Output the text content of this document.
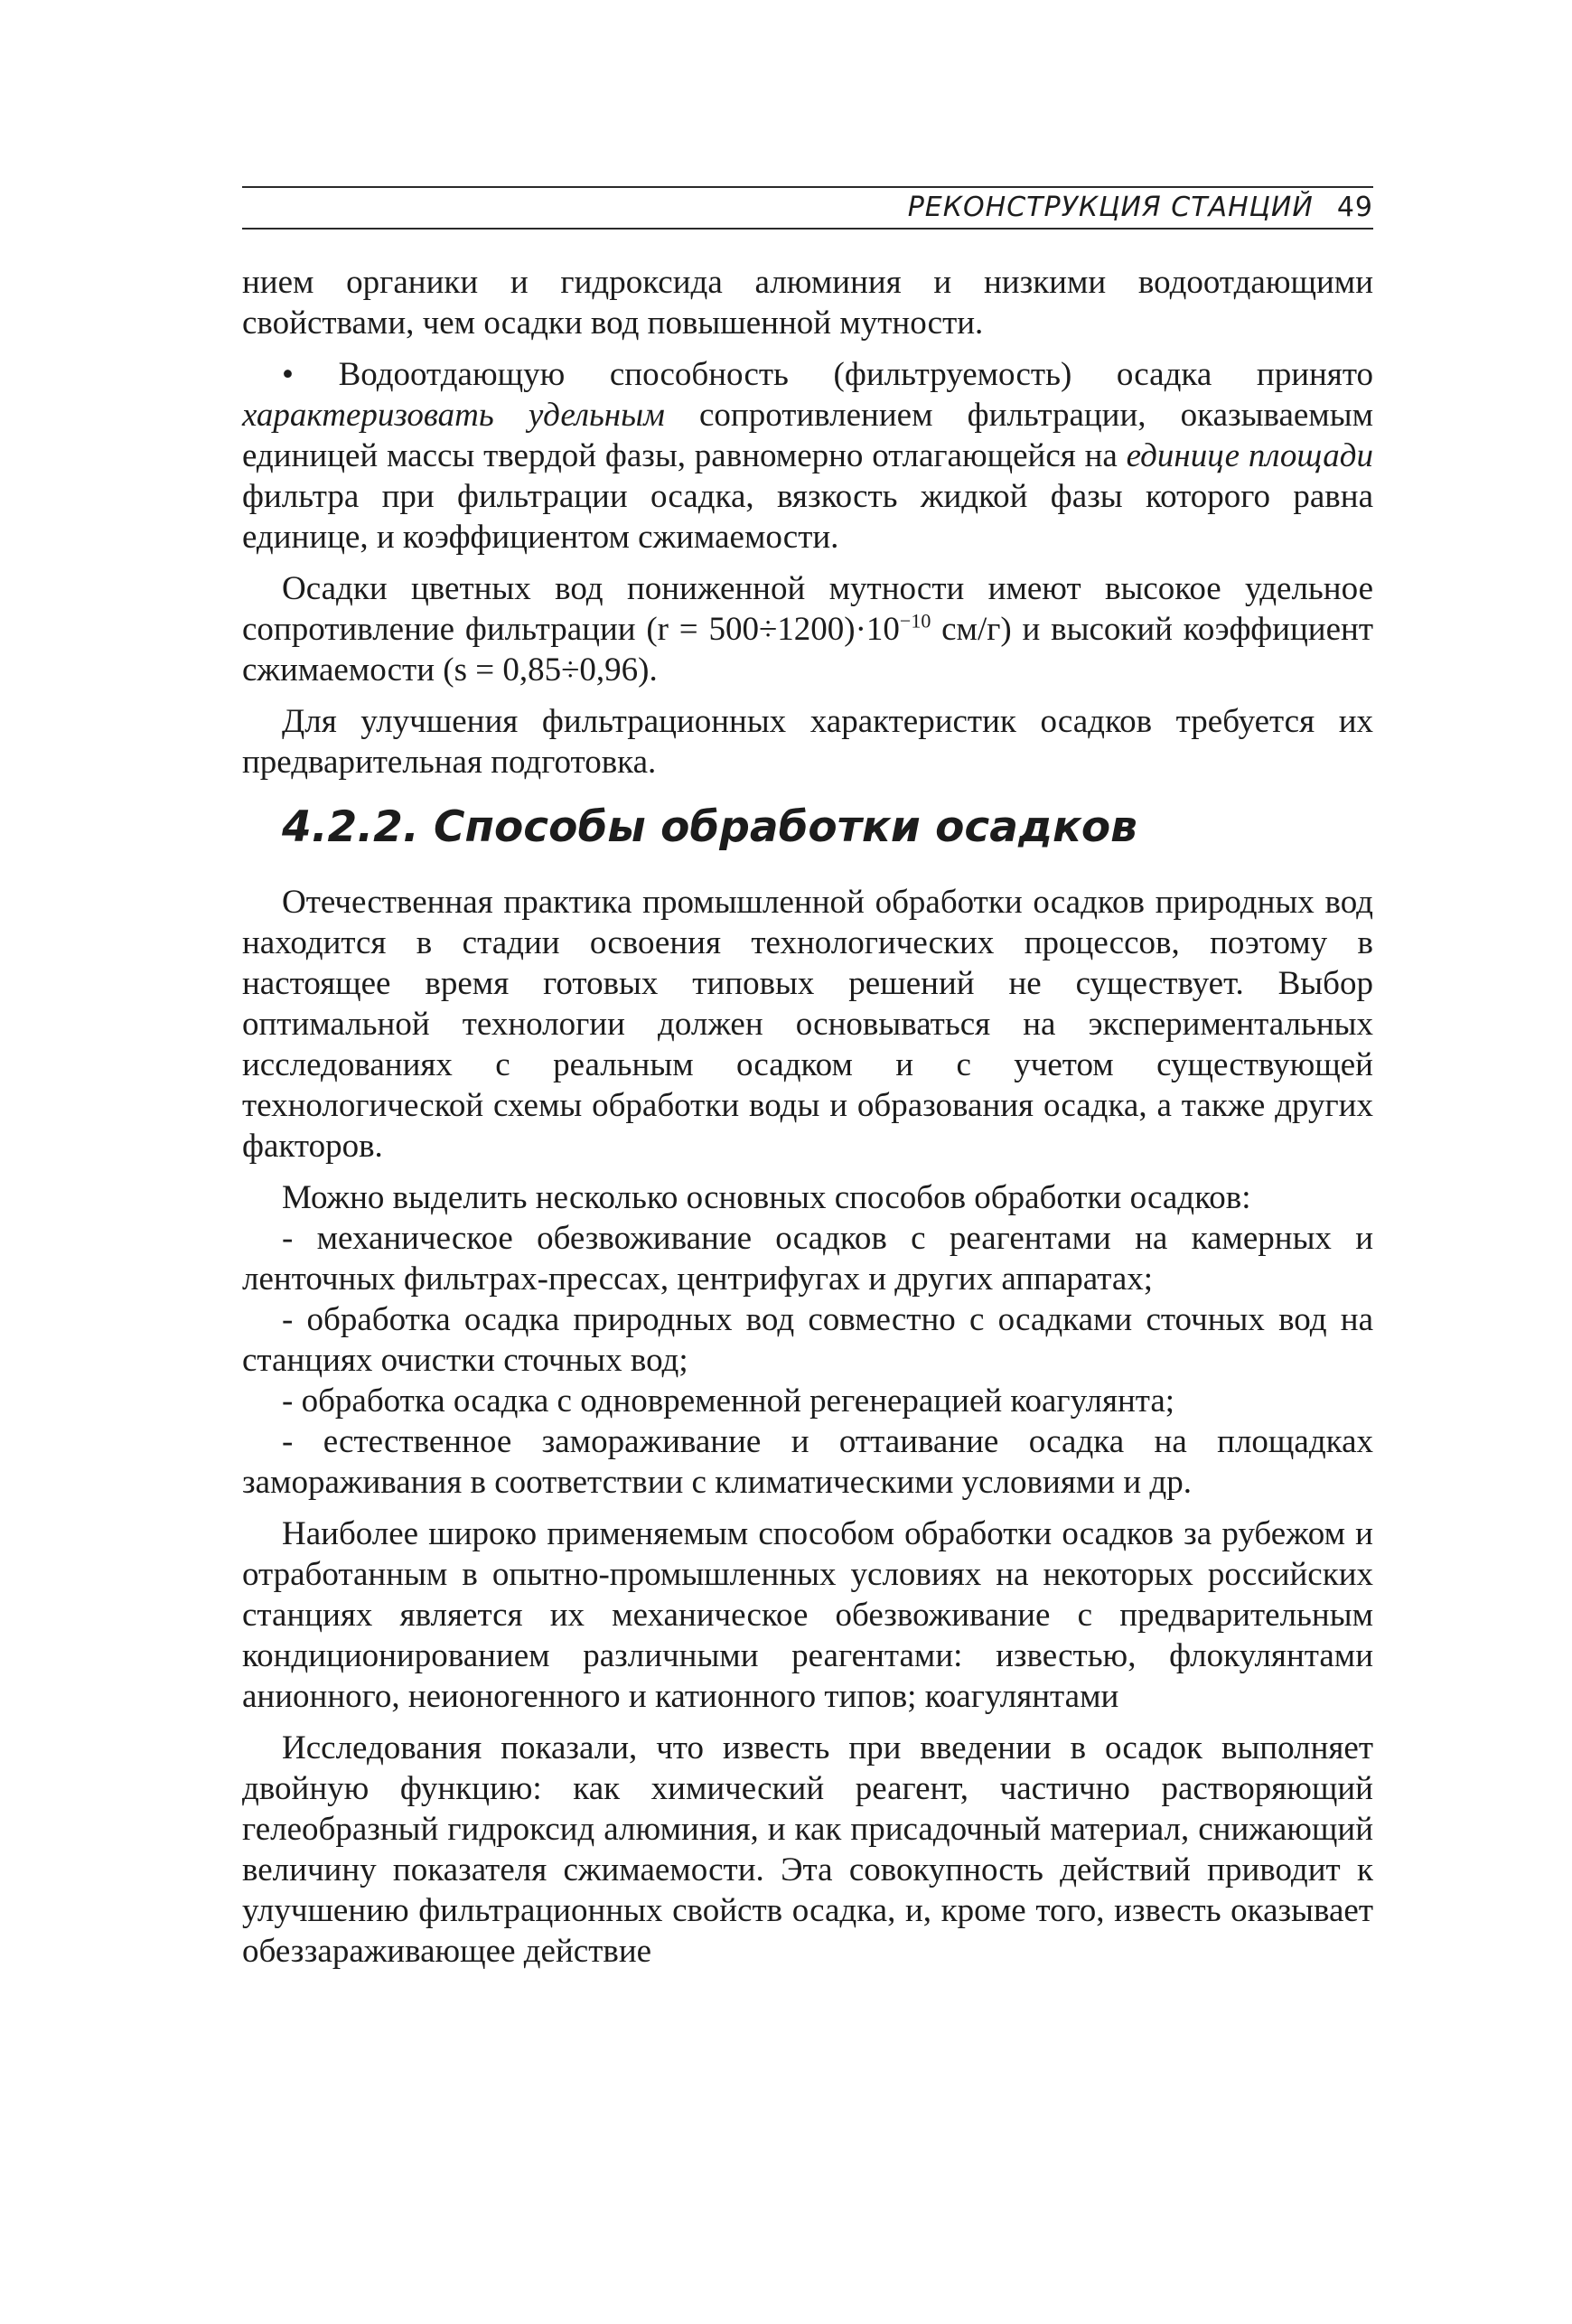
РЕКОНСТРУКЦИЯ СТАНЦИЙ 49

нием органики и гидроксида алюминия и низкими водоотдающими свойствами, чем осадки вод повышенной мутности.

• Водоотдающую способность (фильтруемость) осадка принято характеризовать удельным сопротивлением фильтрации, оказываемым единицей массы твердой фазы, равномерно отлагающейся на единице площади фильтра при фильтрации осадка, вязкость жидкой фазы которого равна единице, и коэффициентом сжимаемости.

Осадки цветных вод пониженной мутности имеют высокое удельное сопротивление фильтрации $(r = 500\div 1200)\cdot 10^{-10}$ см/г) и высокий коэффициент сжимаемости (s = 0,85÷0,96).

Для улучшения фильтрационных характеристик осадков требуется их предварительная подготовка.

4.2.2. Способы обработки осадков

Отечественная практика промышленной обработки осадков природных вод находится в стадии освоения технологических процессов, поэтому в настоящее время готовых типовых решений не существует. Выбор оптимальной технологии должен основываться на экспериментальных исследованиях с реальным осадком и с учетом существующей технологической схемы обработки воды и образования осадка, а также других факторов.

Можно выделить несколько основных способов обработки осадков:

- механическое обезвоживание осадков с реагентами на камерных и ленточных фильтрах-прессах, центрифугах и других аппаратах;

- обработка осадка природных вод совместно с осадками сточных вод на станциях очистки сточных вод;

- обработка осадка с одновременной регенерацией коагулянта;

- естественное замораживание и оттаивание осадка на площадках замораживания в соответствии с климатическими условиями и др.

Наиболее широко применяемым способом обработки осадков за рубежом и отработанным в опытно-промышленных условиях на некоторых российских станциях является их механическое обезвоживание с предварительным кондиционированием различными реагентами: известью, флокулянтами анионного, неионогенного и катионного типов; коагулянтами

Исследования показали, что известь при введении в осадок выполняет двойную функцию: как химический реагент, частично растворяющий гелеобразный гидроксид алюминия, и как присадочный материал, снижающий величину показателя сжимаемости. Эта совокупность действий приводит к улучшению фильтрационных свойств осадка, и, кроме того, известь оказывает обеззараживающее действие
